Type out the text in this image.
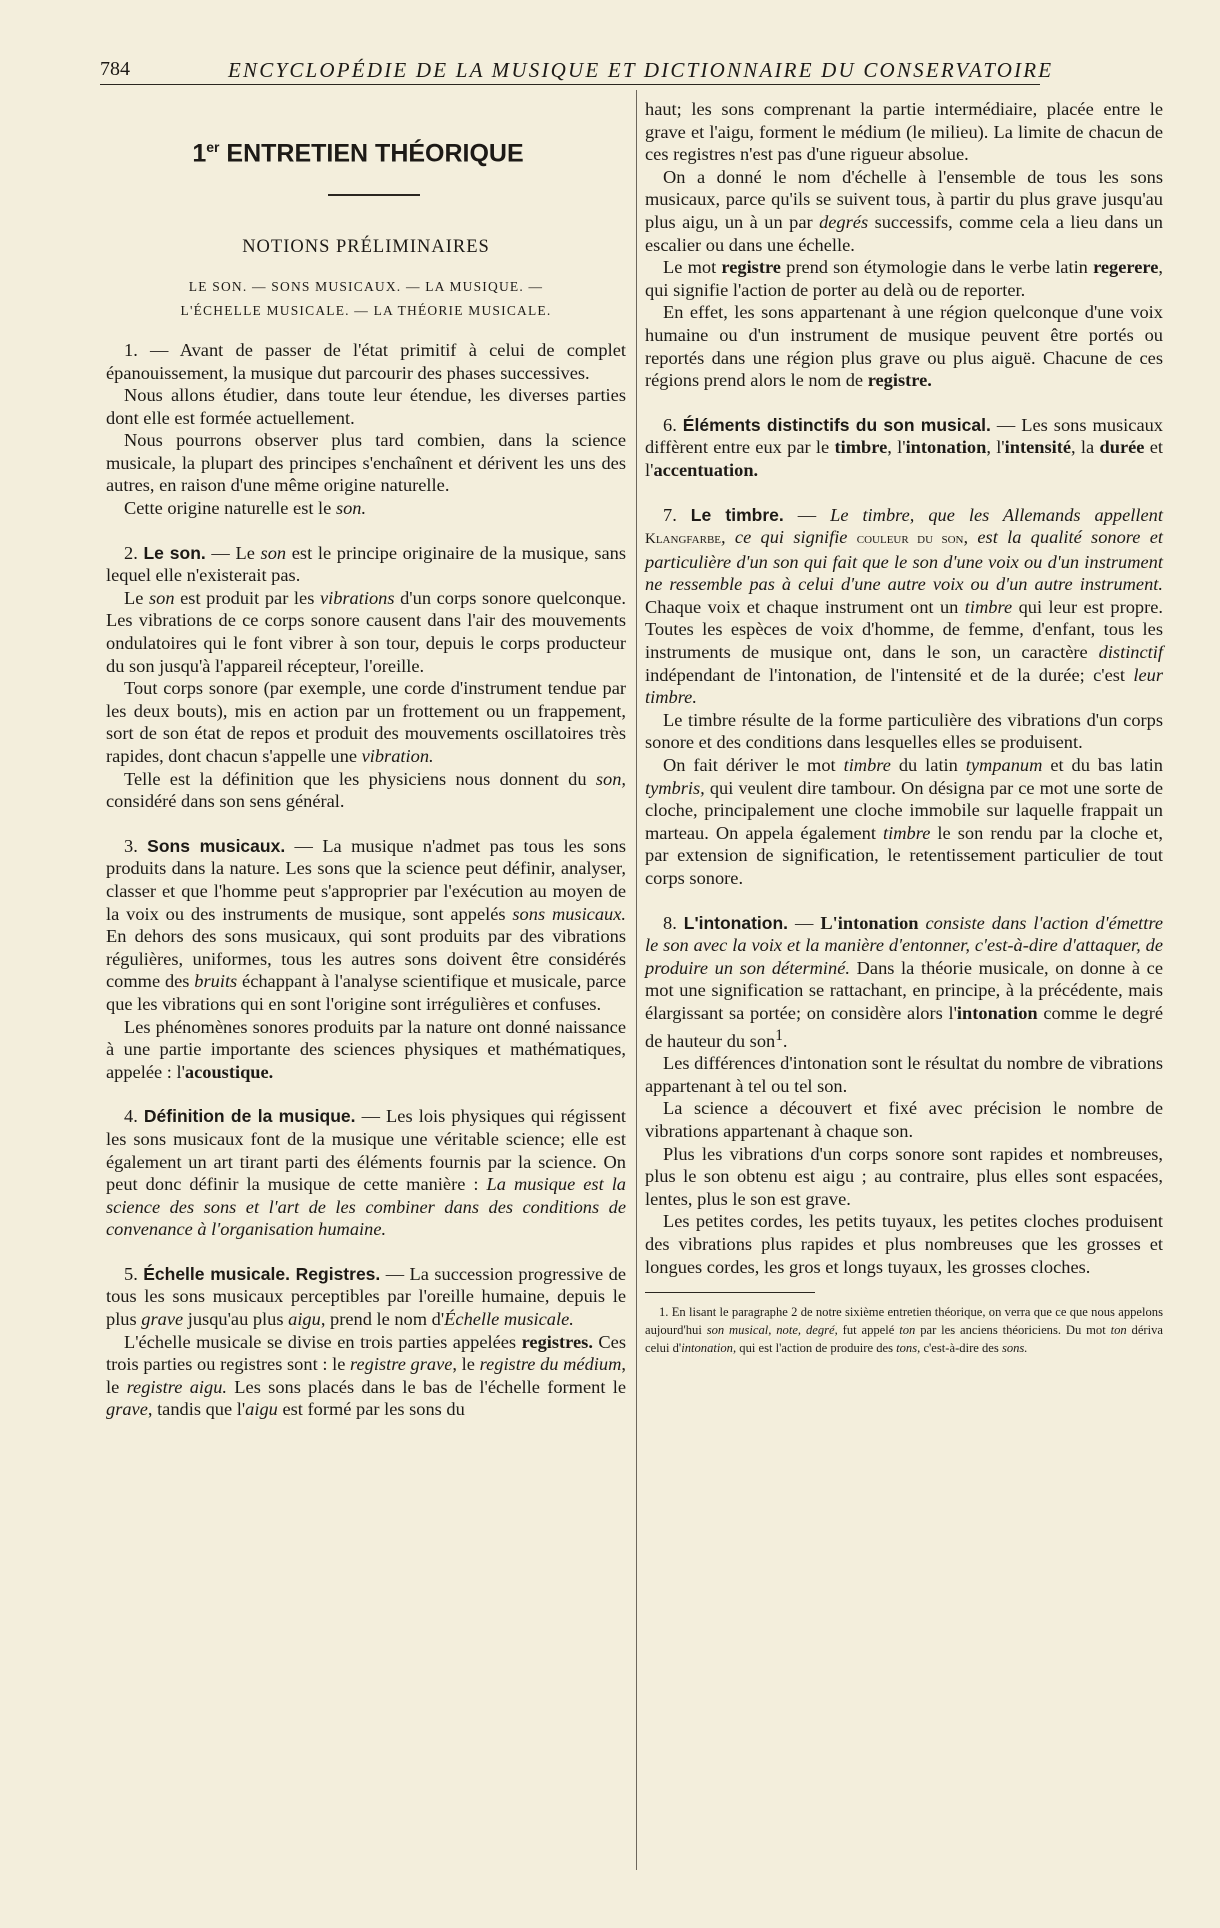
784	ENCYCLOPÉDIE DE LA MUSIQUE ET DICTIONNAIRE DU CONSERVATOIRE
1er ENTRETIEN THÉORIQUE
NOTIONS PRÉLIMINAIRES
LE SON. — SONS MUSICAUX. — LA MUSIQUE. —
L'ÉCHELLE MUSICALE. — LA THÉORIE MUSICALE.

1. — Avant de passer de l'état primitif à celui de complet épanouissement, la musique dut parcourir des phases successives.

Nous allons étudier, dans toute leur étendue, les diverses parties dont elle est formée actuellement.

Nous pourrons observer plus tard combien, dans la science musicale, la plupart des principes s'enchaînent et dérivent les uns des autres, en raison d'une même origine naturelle.

Cette origine naturelle est le son.

2. Le son. — Le son est le principe originaire de la musique, sans lequel elle n'existerait pas.

Le son est produit par les vibrations d'un corps sonore quelconque. Les vibrations de ce corps sonore causent dans l'air des mouvements ondulatoires qui le font vibrer à son tour, depuis le corps producteur du son jusqu'à l'appareil récepteur, l'oreille.

Tout corps sonore (par exemple, une corde d'instrument tendue par les deux bouts), mis en action par un frottement ou un frappement, sort de son état de repos et produit des mouvements oscillatoires très rapides, dont chacun s'appelle une vibration.

Telle est la définition que les physiciens nous donnent du son, considéré dans son sens général.

3. Sons musicaux. — La musique n'admet pas tous les sons produits dans la nature. Les sons que la science peut définir, analyser, classer et que l'homme peut s'approprier par l'exécution au moyen de la voix ou des instruments de musique, sont appelés sons musicaux. En dehors des sons musicaux, qui sont produits par des vibrations régulières, uniformes, tous les autres sons doivent être considérés comme des bruits échappant à l'analyse scientifique et musicale, parce que les vibrations qui en sont l'origine sont irrégulières et confuses.

Les phénomènes sonores produits par la nature ont donné naissance à une partie importante des sciences physiques et mathématiques, appelée : l'acoustique.

4. Définition de la musique. — Les lois physiques qui régissent les sons musicaux font de la musique une véritable science; elle est également un art tirant parti des éléments fournis par la science. On peut donc définir la musique de cette manière : La musique est la science des sons et l'art de les combiner dans des conditions de convenance à l'organisation humaine.

5. Échelle musicale. Registres. — La succession progressive de tous les sons musicaux perceptibles par l'oreille humaine, depuis le plus grave jusqu'au plus aigu, prend le nom d'Échelle musicale.

L'échelle musicale se divise en trois parties appelées registres. Ces trois parties ou registres sont : le registre grave, le registre du médium, le registre aigu. Les sons placés dans le bas de l'échelle forment le grave, tandis que l'aigu est formé par les sons du

haut; les sons comprenant la partie intermédiaire, placée entre le grave et l'aigu, forment le médium (le milieu). La limite de chacun de ces registres n'est pas d'une rigueur absolue.

On a donné le nom d'échelle à l'ensemble de tous les sons musicaux, parce qu'ils se suivent tous, à partir du plus grave jusqu'au plus aigu, un à un par degrés successifs, comme cela a lieu dans un escalier ou dans une échelle.

Le mot registre prend son étymologie dans le verbe latin regerere, qui signifie l'action de porter au delà ou de reporter.

En effet, les sons appartenant à une région quelconque d'une voix humaine ou d'un instrument de musique peuvent être portés ou reportés dans une région plus grave ou plus aiguë. Chacune de ces régions prend alors le nom de registre.

6. Éléments distinctifs du son musical. — Les sons musicaux diffèrent entre eux par le timbre, l'intonation, l'intensité, la durée et l'accentuation.

7. Le timbre. — Le timbre, que les Allemands appellent Klangfarbe, ce qui signifie couleur du son, est la qualité sonore et particulière d'un son qui fait que le son d'une voix ou d'un instrument ne ressemble pas à celui d'une autre voix ou d'un autre instrument. Chaque voix et chaque instrument ont un timbre qui leur est propre. Toutes les espèces de voix d'homme, de femme, d'enfant, tous les instruments de musique ont, dans le son, un caractère distinctif indépendant de l'intonation, de l'intensité et de la durée; c'est leur timbre.

Le timbre résulte de la forme particulière des vibrations d'un corps sonore et des conditions dans lesquelles elles se produisent.

On fait dériver le mot timbre du latin tympanum et du bas latin tymbris, qui veulent dire tambour. On désigna par ce mot une sorte de cloche, principalement une cloche immobile sur laquelle frappait un marteau. On appela également timbre le son rendu par la cloche et, par extension de signification, le retentissement particulier de tout corps sonore.

8. L'intonation. — L'intonation consiste dans l'action d'émettre le son avec la voix et la manière d'entonner, c'est-à-dire d'attaquer, de produire un son déterminé. Dans la théorie musicale, on donne à ce mot une signification se rattachant, en principe, à la précédente, mais élargissant sa portée; on considère alors l'intonation comme le degré de hauteur du son$^1$.

Les différences d'intonation sont le résultat du nombre de vibrations appartenant à tel ou tel son.

La science a découvert et fixé avec précision le nombre de vibrations appartenant à chaque son.

Plus les vibrations d'un corps sonore sont rapides et nombreuses, plus le son obtenu est aigu ; au contraire, plus elles sont espacées, lentes, plus le son est grave.

Les petites cordes, les petits tuyaux, les petites cloches produisent des vibrations plus rapides et plus nombreuses que les grosses et longues cordes, les gros et longs tuyaux, les grosses cloches.

1. En lisant le paragraphe 2 de notre sixième entretien théorique, on verra que ce que nous appelons aujourd'hui son musical, note, degré, fut appelé ton par les anciens théoriciens. Du mot ton dériva celui d'intonation, qui est l'action de produire des tons, c'est-à-dire des sons.
